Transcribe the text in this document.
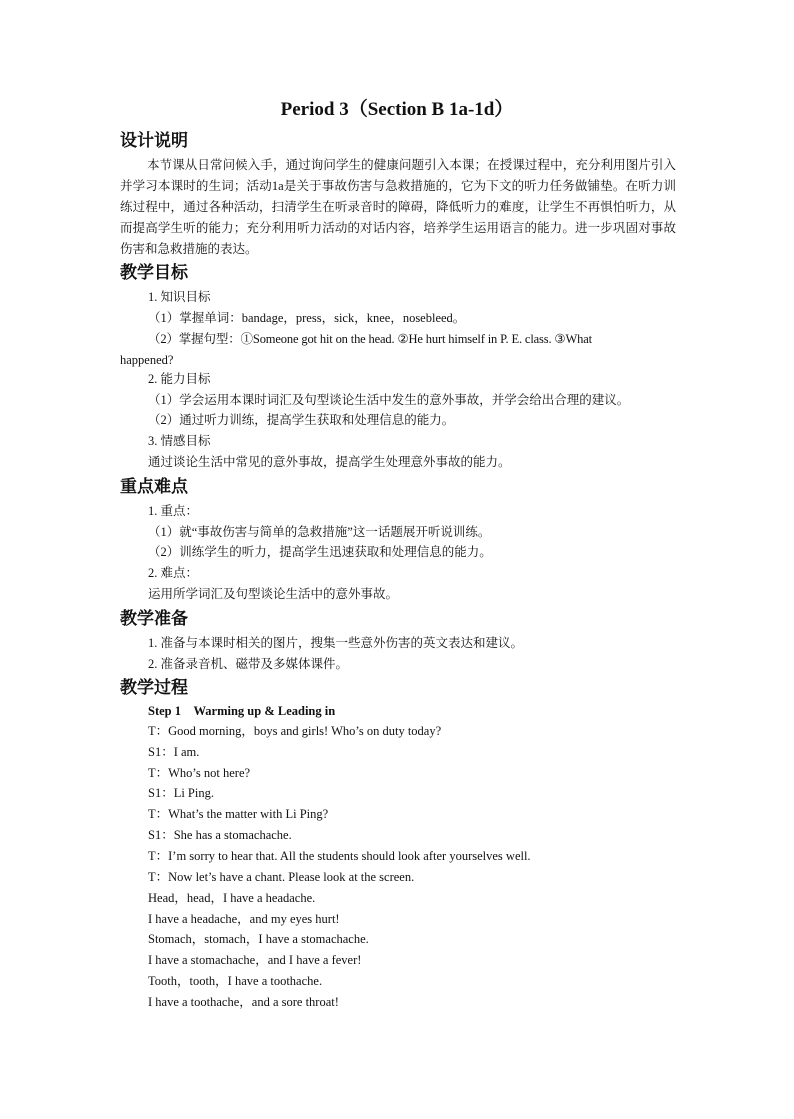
Period 3（Section B 1a-1d）
设计说明
本节课从日常问候入手，通过询问学生的健康问题引入本课；在授课过程中，充分利用图片引入并学习本课时的生词；活动1a是关于事故伤害与急救措施的，它为下文的听力任务做铺垫。在听力训练过程中，通过各种活动，扫清学生在听录音时的障碍，降低听力的难度，让学生不再惧怕听力，从而提高学生听的能力；充分利用听力活动的对话内容，培养学生运用语言的能力。进一步巩固对事故伤害和急救措施的表达。
教学目标
1. 知识目标
（1）掌握单词：bandage，press，sick，knee，nosebleed。
（2）掌握句型：①Someone got hit on the head. ②He hurt himself in P. E. class. ③What
happened?
2. 能力目标
（1）学会运用本课时词汇及句型谈论生活中发生的意外事故，并学会给出合理的建议。
（2）通过听力训练，提高学生获取和处理信息的能力。
3. 情感目标
通过谈论生活中常见的意外事故，提高学生处理意外事故的能力。
重点难点
1. 重点：
（1）就“事故伤害与简单的急救措施”这一话题展开听说训练。
（2）训练学生的听力，提高学生迅速获取和处理信息的能力。
2. 难点：
运用所学词汇及句型谈论生活中的意外事故。
教学准备
1. 准备与本课时相关的图片，搜集一些意外伤害的英文表达和建议。
2. 准备录音机、磁带及多媒体课件。
教学过程
Step 1　Warming up & Leading in
T：Good morning，boys and girls! Who’s on duty today?
S1：I am.
T：Who’s not here?
S1：Li Ping.
T：What’s the matter with Li Ping?
S1：She has a stomachache.
T：I’m sorry to hear that. All the students should look after yourselves well.
T：Now let’s have a chant. Please look at the screen.
Head，head，I have a headache.
I have a headache，and my eyes hurt!
Stomach，stomach，I have a stomachache.
I have a stomachache，and I have a fever!
Tooth，tooth，I have a toothache.
I have a toothache，and a sore throat!
